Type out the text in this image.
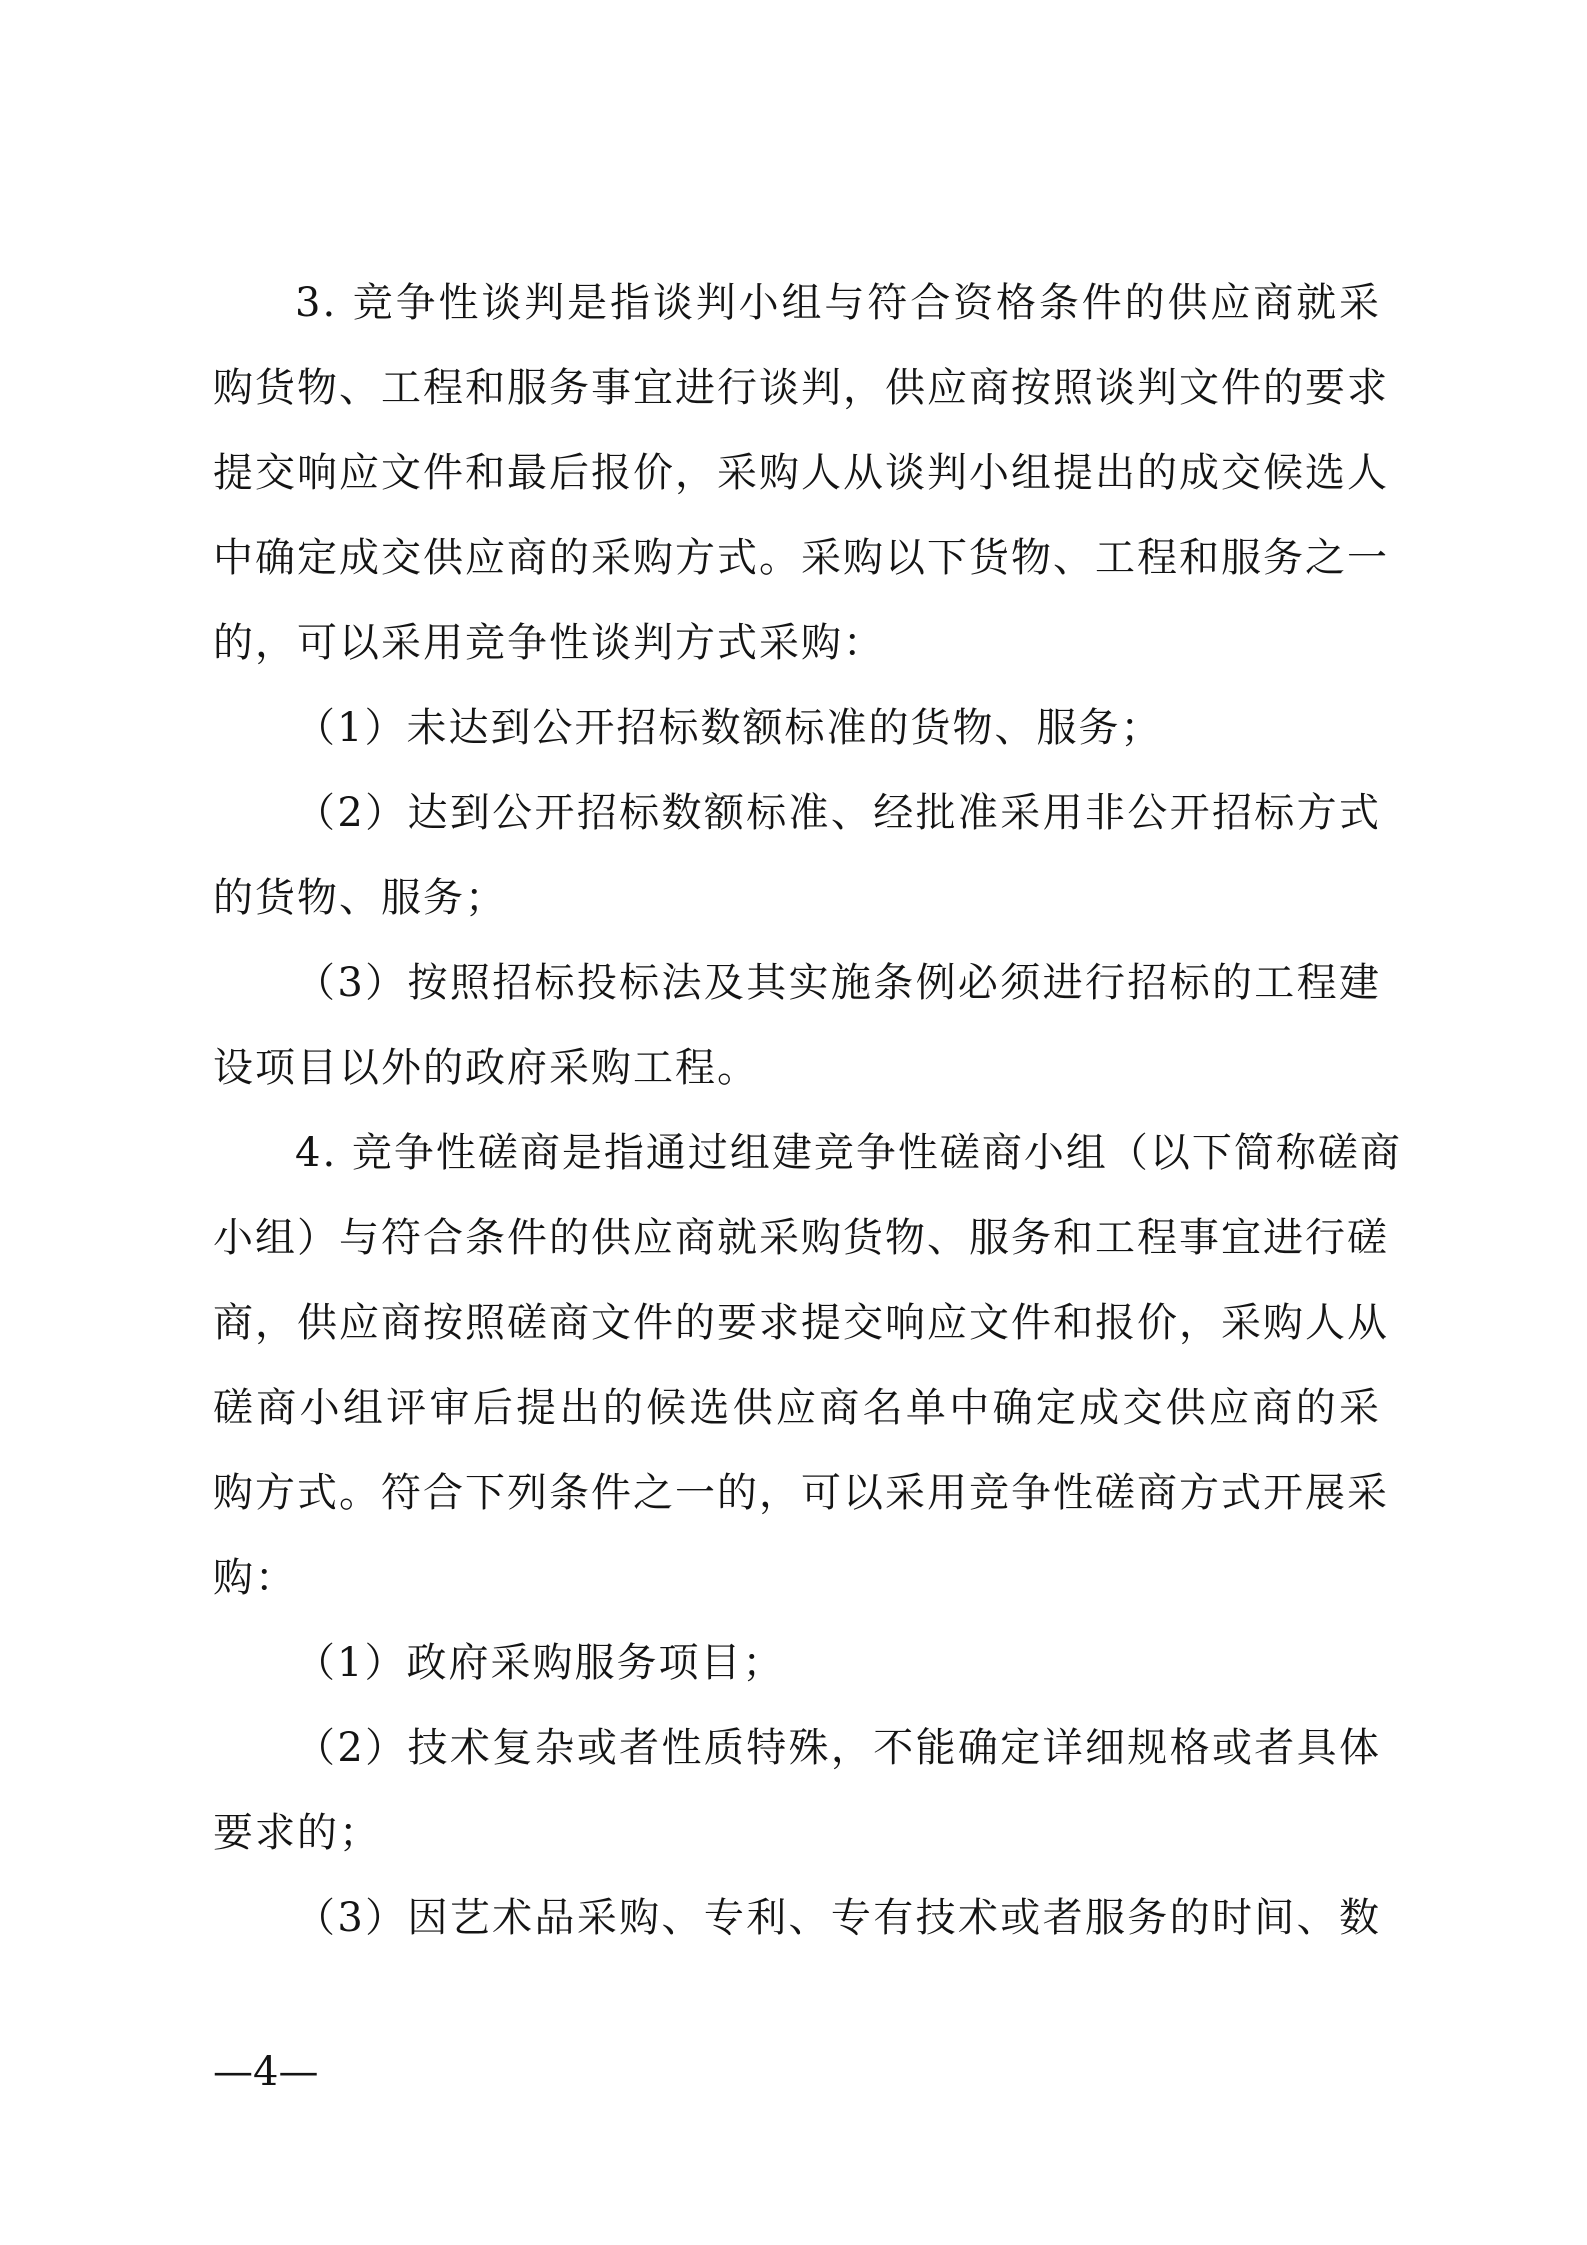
3. 竞争性谈判是指谈判小组与符合资格条件的供应商就采
购货物、工程和服务事宜进行谈判，供应商按照谈判文件的要求
提交响应文件和最后报价，采购人从谈判小组提出的成交候选人
中确定成交供应商的采购方式。采购以下货物、工程和服务之一
的，可以采用竞争性谈判方式采购：
（1）未达到公开招标数额标准的货物、服务；
（2）达到公开招标数额标准、经批准采用非公开招标方式
的货物、服务；
（3）按照招标投标法及其实施条例必须进行招标的工程建
设项目以外的政府采购工程。
4. 竞争性磋商是指通过组建竞争性磋商小组（以下简称磋商
小组）与符合条件的供应商就采购货物、服务和工程事宜进行磋
商，供应商按照磋商文件的要求提交响应文件和报价，采购人从
磋商小组评审后提出的候选供应商名单中确定成交供应商的采
购方式。符合下列条件之一的，可以采用竞争性磋商方式开展采
购：
（1）政府采购服务项目；
（2）技术复杂或者性质特殊，不能确定详细规格或者具体
要求的；
（3）因艺术品采购、专利、专有技术或者服务的时间、数
—4—
